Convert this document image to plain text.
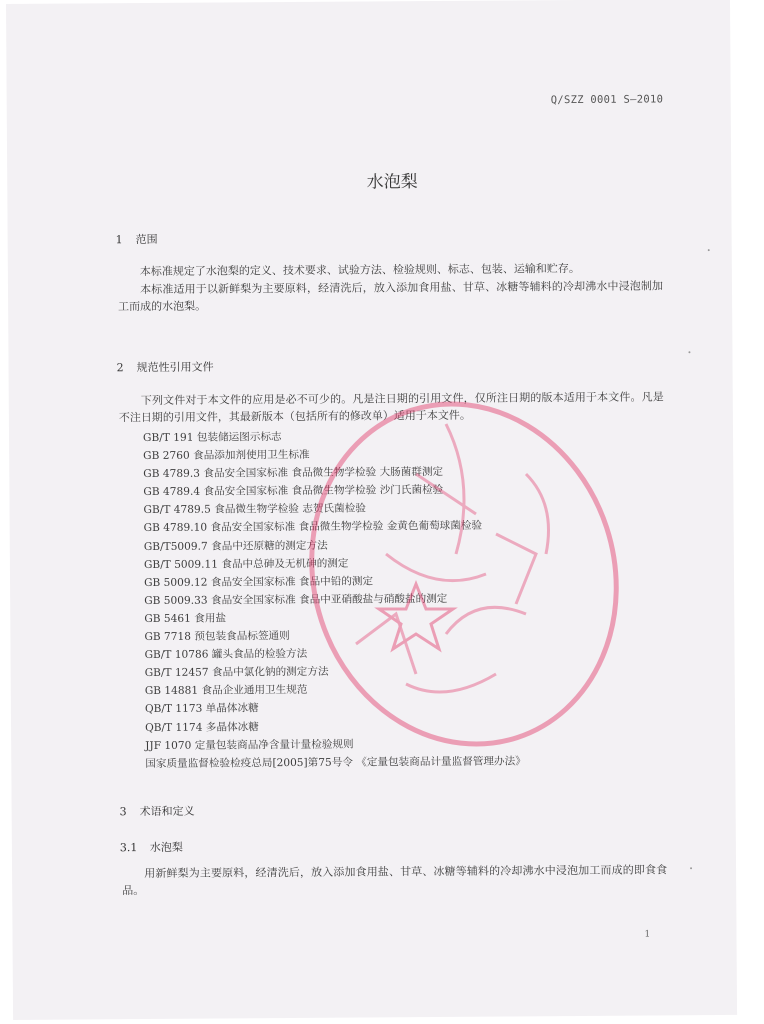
Q/SZZ 0001 S—2010
水泡梨
1 范围
本标准规定了水泡梨的定义、技术要求、试验方法、检验规则、标志、包装、运输和贮存。
本标准适用于以新鲜梨为主要原料，经清洗后，放入添加食用盐、甘草、冰糖等辅料的冷却沸水中浸泡制加工而成的水泡梨。
2 规范性引用文件
下列文件对于本文件的应用是必不可少的。凡是注日期的引用文件，仅所注日期的版本适用于本文件。凡是不注日期的引用文件，其最新版本（包括所有的修改单）适用于本文件。
GB/T 191 包装储运图示标志
GB 2760 食品添加剂使用卫生标准
GB 4789.3 食品安全国家标准 食品微生物学检验 大肠菌群测定
GB 4789.4 食品安全国家标准 食品微生物学检验 沙门氏菌检验
GB/T 4789.5 食品微生物学检验 志贺氏菌检验
GB 4789.10 食品安全国家标准 食品微生物学检验 金黄色葡萄球菌检验
GB/T5009.7 食品中还原糖的测定方法
GB/T 5009.11 食品中总砷及无机砷的测定
GB 5009.12 食品安全国家标准 食品中铅的测定
GB 5009.33 食品安全国家标准 食品中亚硝酸盐与硝酸盐的测定
GB 5461 食用盐
GB 7718 预包装食品标签通则
GB/T 10786 罐头食品的检验方法
GB/T 12457 食品中氯化钠的测定方法
GB 14881 食品企业通用卫生规范
QB/T 1173 单晶体冰糖
QB/T 1174 多晶体冰糖
JJF 1070 定量包装商品净含量计量检验规则
国家质量监督检验检疫总局[2005]第75号令 《定量包装商品计量监督管理办法》
3 术语和定义
3.1 水泡梨
用新鲜梨为主要原料，经清洗后，放入添加食用盐、甘草、冰糖等辅料的冷却沸水中浸泡加工而成的即食食品。
1
